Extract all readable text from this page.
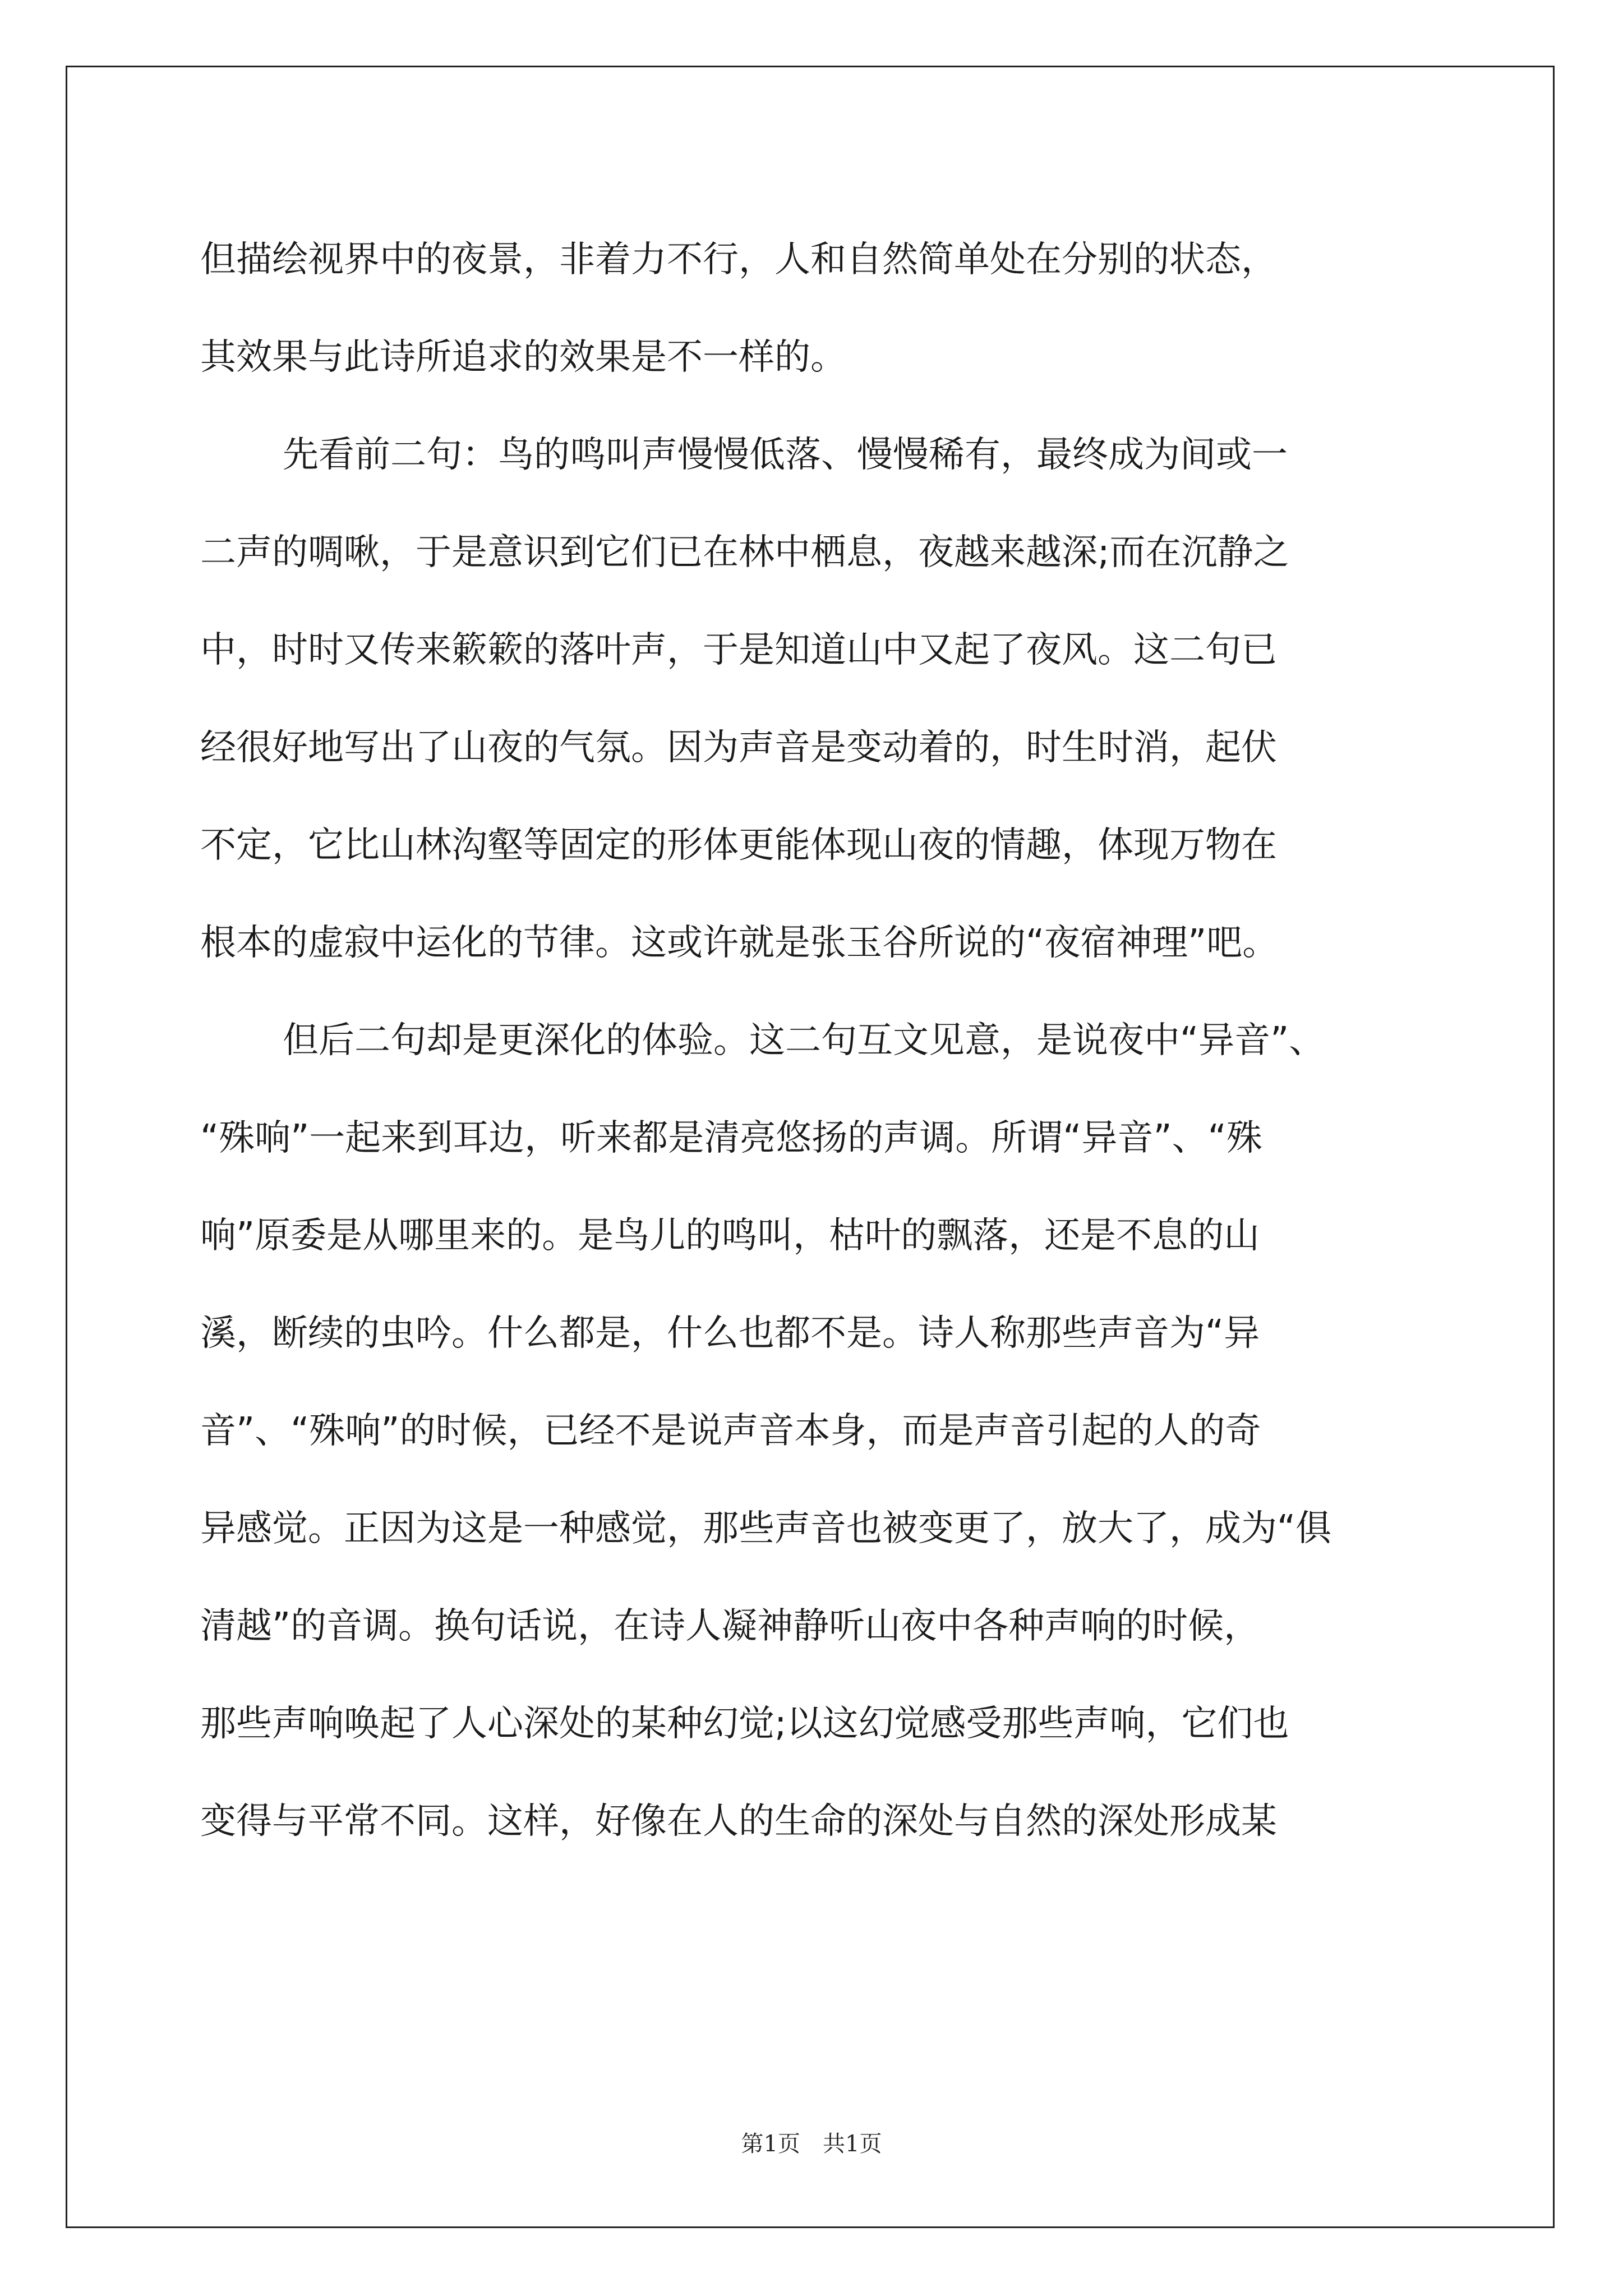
但描绘视界中的夜景，非着力不行，人和自然简单处在分别的状态，
其效果与此诗所追求的效果是不一样的。
先看前二句：鸟的鸣叫声慢慢低落、慢慢稀有，最终成为间或一
二声的啁啾，于是意识到它们已在林中栖息，夜越来越深;而在沉静之
中，时时又传来簌簌的落叶声，于是知道山中又起了夜风。这二句已
经很好地写出了山夜的气氛。因为声音是变动着的，时生时消，起伏
不定，它比山林沟壑等固定的形体更能体现山夜的情趣，体现万物在
根本的虚寂中运化的节律。这或许就是张玉谷所说的“夜宿神理”吧。
但后二句却是更深化的体验。这二句互文见意，是说夜中“异音”、
“殊响”一起来到耳边，听来都是清亮悠扬的声调。所谓“异音”、“殊
响”原委是从哪里来的。是鸟儿的鸣叫，枯叶的飘落，还是不息的山
溪，断续的虫吟。什么都是，什么也都不是。诗人称那些声音为“异
音”、“殊响”的时候，已经不是说声音本身，而是声音引起的人的奇
异感觉。正因为这是一种感觉，那些声音也被变更了，放大了，成为“俱
清越”的音调。换句话说，在诗人凝神静听山夜中各种声响的时候，
那些声响唤起了人心深处的某种幻觉;以这幻觉感受那些声响，它们也
变得与平常不同。这样，好像在人的生命的深处与自然的深处形成某
第1页 共1页
